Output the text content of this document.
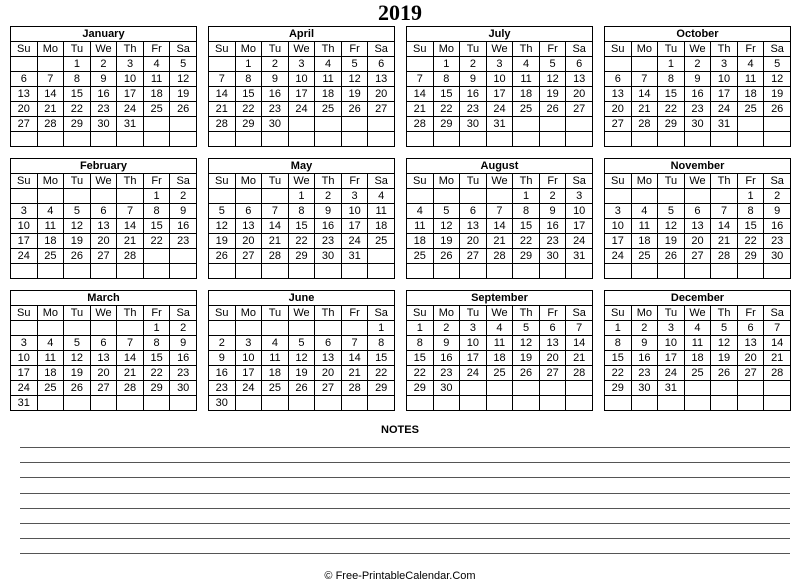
2019
January						
Su	Mo	Tu	We	Th	Fr	Sa
		1	2	3	4	5
6	7	8	9	10	11	12
13	14	15	16	17	18	19
20	21	22	23	24	25	26
27	28	29	30	31		

April						
Su	Mo	Tu	We	Th	Fr	Sa
	1	2	3	4	5	6
7	8	9	10	11	12	13
14	15	16	17	18	19	20
21	22	23	24	25	26	27
28	29	30				

July						
Su	Mo	Tu	We	Th	Fr	Sa
	1	2	3	4	5	6
7	8	9	10	11	12	13
14	15	16	17	18	19	20
21	22	23	24	25	26	27
28	29	30	31			

October						
Su	Mo	Tu	We	Th	Fr	Sa
		1	2	3	4	5
6	7	8	9	10	11	12
13	14	15	16	17	18	19
20	21	22	23	24	25	26
27	28	29	30	31		

February						
Su	Mo	Tu	We	Th	Fr	Sa
					1	2
3	4	5	6	7	8	9
10	11	12	13	14	15	16
17	18	19	20	21	22	23
24	25	26	27	28		

May						
Su	Mo	Tu	We	Th	Fr	Sa
			1	2	3	4
5	6	7	8	9	10	11
12	13	14	15	16	17	18
19	20	21	22	23	24	25
26	27	28	29	30	31	

August						
Su	Mo	Tu	We	Th	Fr	Sa
				1	2	3
4	5	6	7	8	9	10
11	12	13	14	15	16	17
18	19	20	21	22	23	24
25	26	27	28	29	30	31

November						
Su	Mo	Tu	We	Th	Fr	Sa
					1	2
3	4	5	6	7	8	9
10	11	12	13	14	15	16
17	18	19	20	21	22	23
24	25	26	27	28	29	30

March						
Su	Mo	Tu	We	Th	Fr	Sa
					1	2
3	4	5	6	7	8	9
10	11	12	13	14	15	16
17	18	19	20	21	22	23
24	25	26	27	28	29	30
31						
June						
Su	Mo	Tu	We	Th	Fr	Sa
						1
2	3	4	5	6	7	8
9	10	11	12	13	14	15
16	17	18	19	20	21	22
23	24	25	26	27	28	29
30						
September						
Su	Mo	Tu	We	Th	Fr	Sa
1	2	3	4	5	6	7
8	9	10	11	12	13	14
15	16	17	18	19	20	21
22	23	24	25	26	27	28
29	30					

December						
Su	Mo	Tu	We	Th	Fr	Sa
1	2	3	4	5	6	7
8	9	10	11	12	13	14
15	16	17	18	19	20	21
22	23	24	25	26	27	28
29	30	31				

NOTES
© Free-PrintableCalendar.Com
